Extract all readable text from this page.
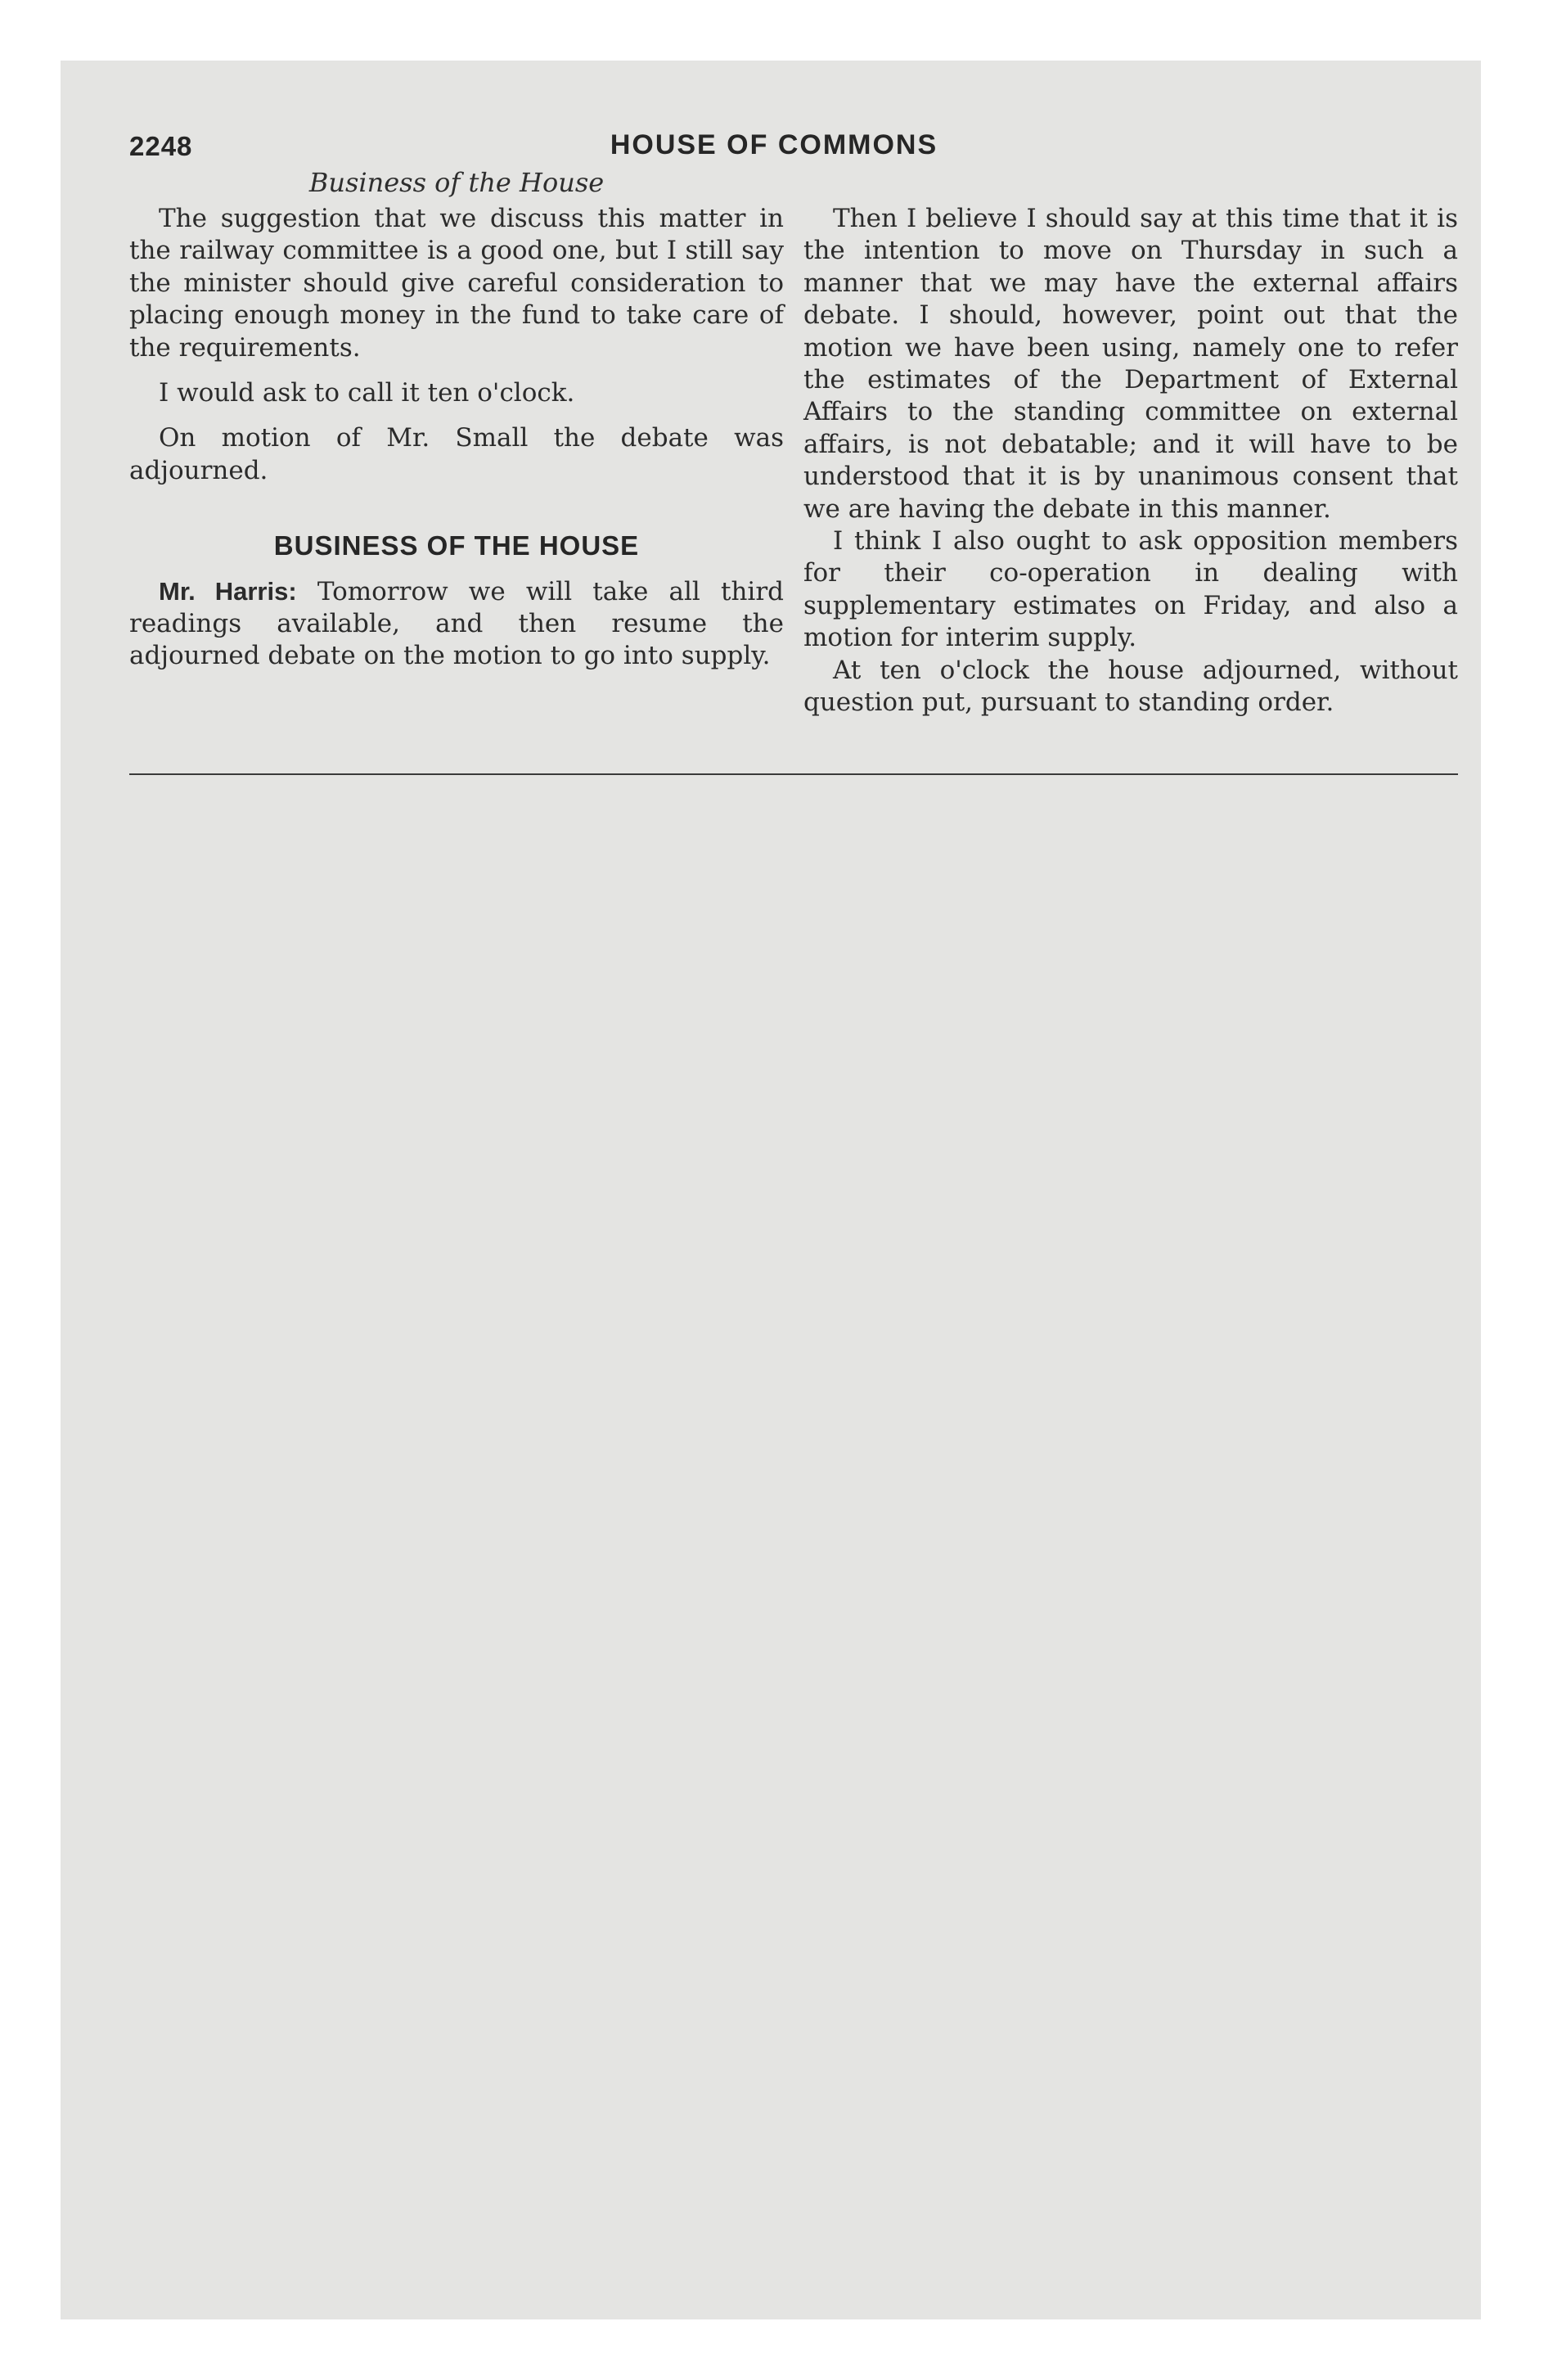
2248	HOUSE OF COMMONS
Business of the House

The suggestion that we discuss this matter in the railway committee is a good one, but I still say the minister should give careful consideration to placing enough money in the fund to take care of the requirements.

I would ask to call it ten o'clock.

On motion of Mr. Small the debate was adjourned.

BUSINESS OF THE HOUSE

Mr. Harris: Tomorrow we will take all third readings available, and then resume the adjourned debate on the motion to go into supply.

Then I believe I should say at this time that it is the intention to move on Thursday in such a manner that we may have the external affairs debate. I should, however, point out that the motion we have been using, namely one to refer the estimates of the Department of External Affairs to the standing committee on external affairs, is not debatable; and it will have to be understood that it is by unanimous consent that we are having the debate in this manner.

I think I also ought to ask opposition members for their co-operation in dealing with supplementary estimates on Friday, and also a motion for interim supply.

At ten o'clock the house adjourned, without question put, pursuant to standing order.
